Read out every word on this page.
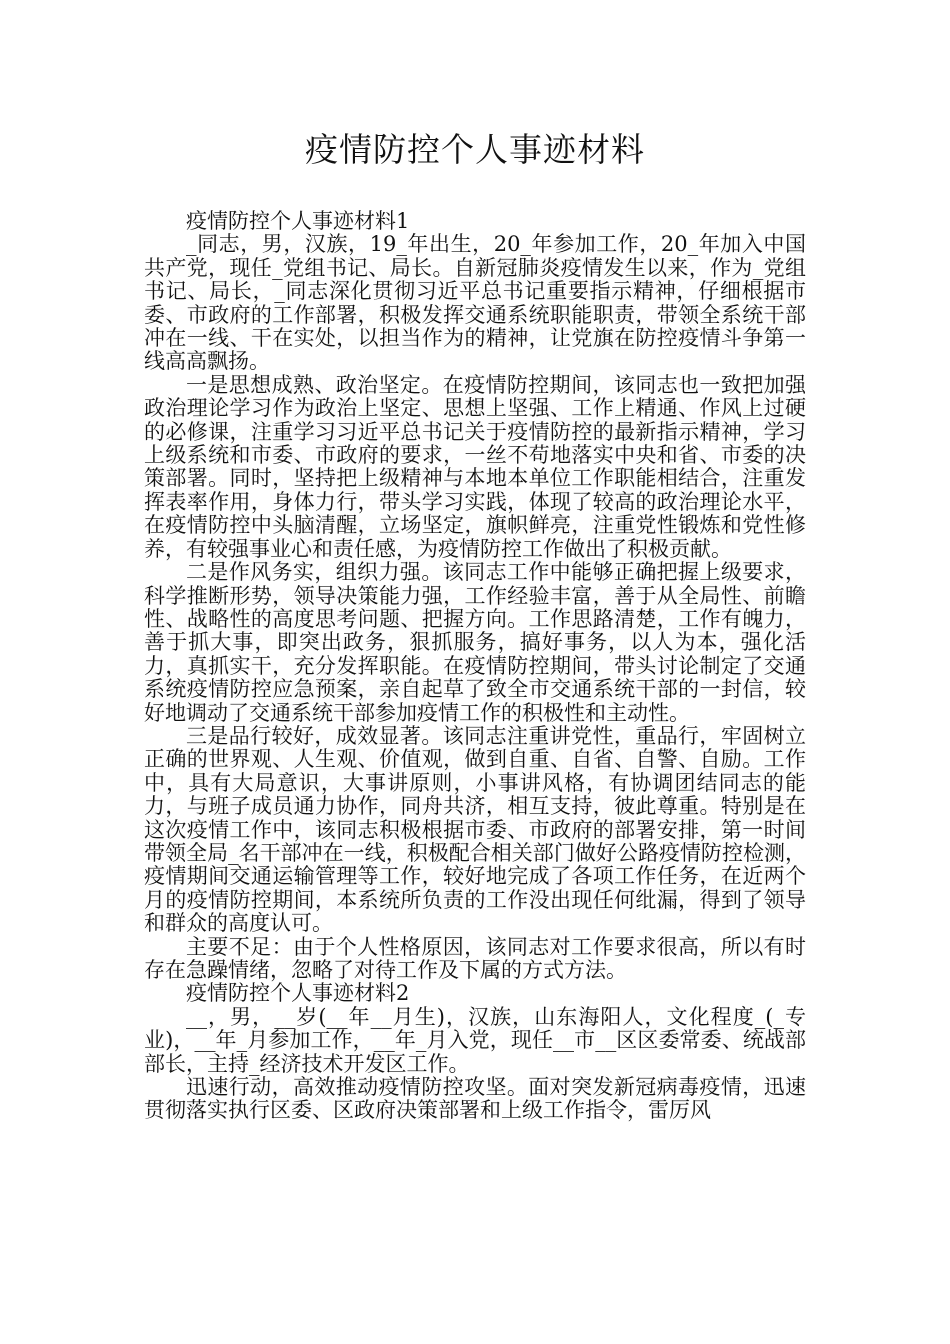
疫情防控个人事迹材料

疫情防控个人事迹材料1

_同志，男，汉族，19_年出生，20_年参加工作，20_年加入中国共产党，现任_党组书记、局长。自新冠肺炎疫情发生以来，作为_党组书记、局长，_同志深化贯彻习近平总书记重要指示精神，仔细根据市委、市政府的工作部署，积极发挥交通系统职能职责，带领全系统干部冲在一线、干在实处，以担当作为的精神，让党旗在防控疫情斗争第一线高高飘扬。

一是思想成熟、政治坚定。在疫情防控期间，该同志也一致把加强政治理论学习作为政治上坚定、思想上坚强、工作上精通、作风上过硬的必修课，注重学习习近平总书记关于疫情防控的最新指示精神，学习上级系统和市委、市政府的要求，一丝不苟地落实中央和省、市委的决策部署。同时，坚持把上级精神与本地本单位工作职能相结合，注重发挥表率作用，身体力行，带头学习实践，体现了较高的政治理论水平，在疫情防控中头脑清醒，立场坚定，旗帜鲜亮，注重党性锻炼和党性修养，有较强事业心和责任感，为疫情防控工作做出了积极贡献。

二是作风务实，组织力强。该同志工作中能够正确把握上级要求，科学推断形势，领导决策能力强，工作经验丰富，善于从全局性、前瞻性、战略性的高度思考问题、把握方向。工作思路清楚，工作有魄力，善于抓大事，即突出政务，狠抓服务，搞好事务，以人为本，强化活力，真抓实干，充分发挥职能。在疫情防控期间，带头讨论制定了交通系统疫情防控应急预案，亲自起草了致全市交通系统干部的一封信，较好地调动了交通系统干部参加疫情工作的积极性和主动性。

三是品行较好，成效显著。该同志注重讲党性，重品行，牢固树立正确的世界观、人生观、价值观，做到自重、自省、自警、自励。工作中，具有大局意识，大事讲原则，小事讲风格，有协调团结同志的能力，与班子成员通力协作，同舟共济，相互支持，彼此尊重。特别是在这次疫情工作中，该同志积极根据市委、市政府的部署安排，第一时间带领全局_名干部冲在一线，积极配合相关部门做好公路疫情防控检测，疫情期间交通运输管理等工作，较好地完成了各项工作任务，在近两个月的疫情防控期间，本系统所负责的工作没出现任何纰漏，得到了领导和群众的高度认可。

主要不足：由于个人性格原因，该同志对工作要求很高，所以有时存在急躁情绪，忽略了对待工作及下属的方式方法。

疫情防控个人事迹材料2

__，男，__岁(__年__月生)，汉族，山东海阳人，文化程度_(_专业)，__年_月参加工作，__年_月入党，现任__市__区区委常委、统战部部长，主持_经济技术开发区工作。

迅速行动，高效推动疫情防控攻坚。面对突发新冠病毒疫情，迅速贯彻落实执行区委、区政府决策部署和上级工作指令，雷厉风
